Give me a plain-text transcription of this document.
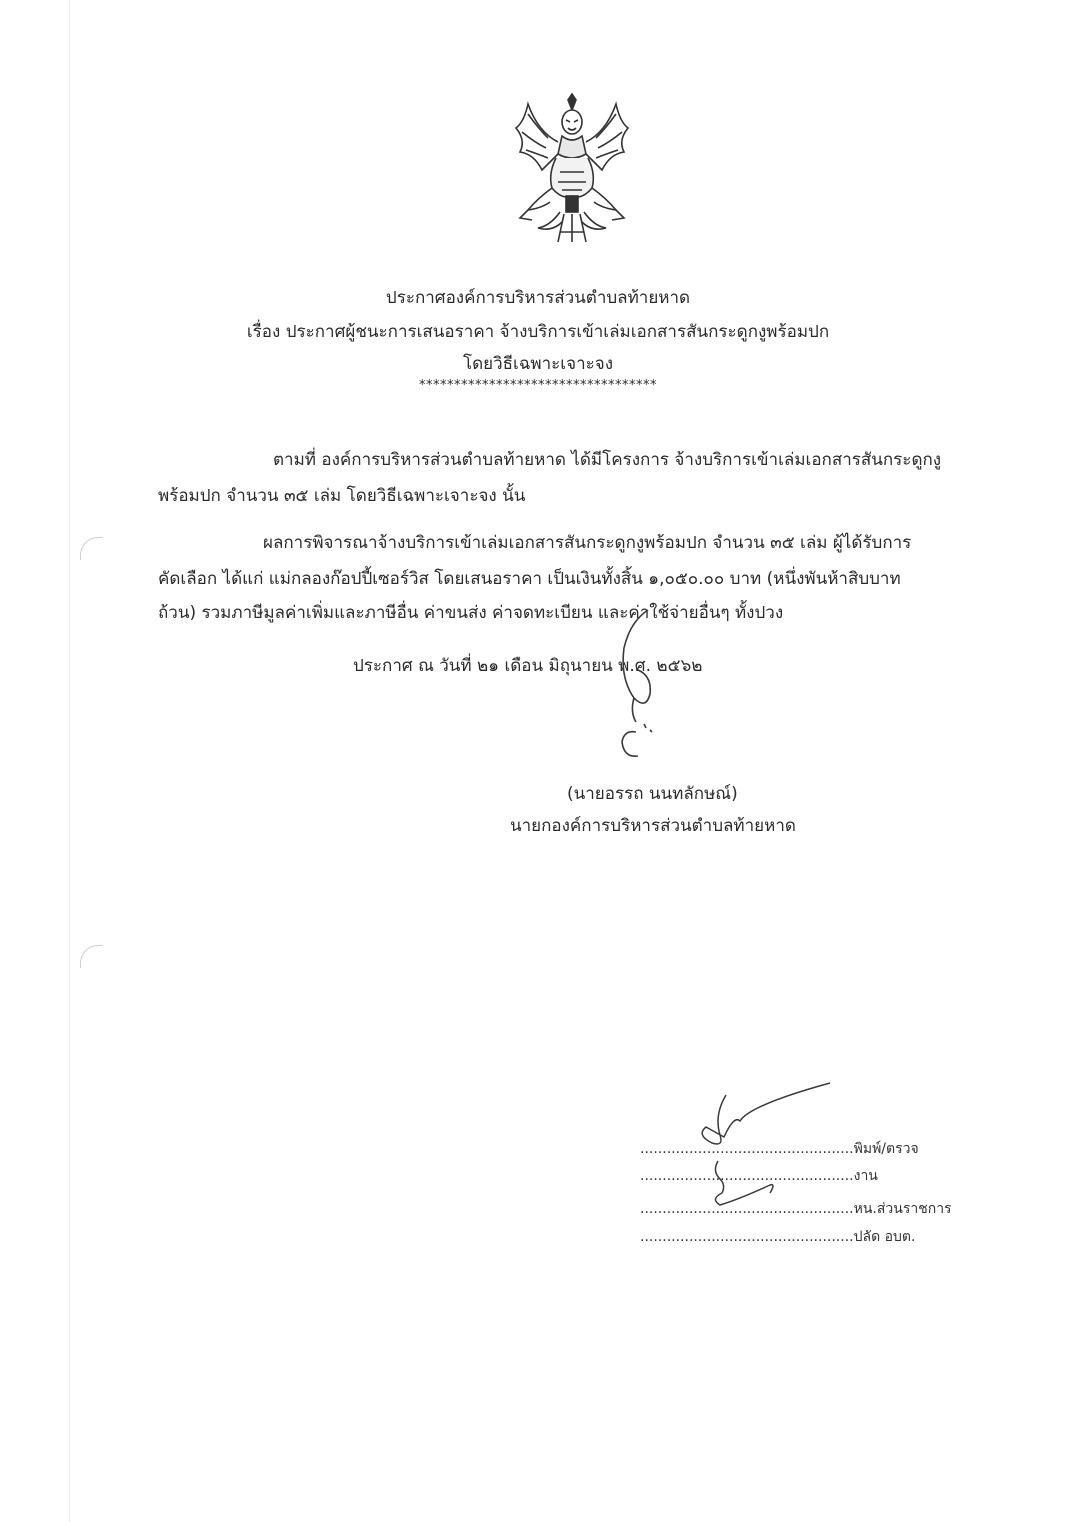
ประกาศองค์การบริหารส่วนตำบลท้ายหาด
เรื่อง ประกาศผู้ชนะการเสนอราคา จ้างบริการเข้าเล่มเอกสารสันกระดูกงูพร้อมปก
โดยวิธีเฉพาะเจาะจง
**********************************
ตามที่ องค์การบริหารส่วนตำบลท้ายหาด ได้มีโครงการ จ้างบริการเข้าเล่มเอกสารสันกระดูกงู
พร้อมปก จำนวน ๓๕ เล่ม โดยวิธีเฉพาะเจาะจง นั้น
ผลการพิจารณาจ้างบริการเข้าเล่มเอกสารสันกระดูกงูพร้อมปก จำนวน ๓๕ เล่ม ผู้ได้รับการ
คัดเลือก ได้แก่ แม่กลองก๊อปปี้เซอร์วิส โดยเสนอราคา เป็นเงินทั้งสิ้น ๑,๐๕๐.๐๐ บาท (หนึ่งพันห้าสิบบาท
ถ้วน) รวมภาษีมูลค่าเพิ่มและภาษีอื่น ค่าขนส่ง ค่าจดทะเบียน และค่าใช้จ่ายอื่นๆ ทั้งปวง
ประกาศ ณ วันที่ ๒๑ เดือน มิถุนายน พ.ศ. ๒๕๖๒
(นายอรรถ นนทลักษณ์)
นายกองค์การบริหารส่วนตำบลท้ายหาด
................................................พิมพ์/ตรวจ
................................................งาน
................................................หน.ส่วนราชการ
................................................ปลัด อบต.
